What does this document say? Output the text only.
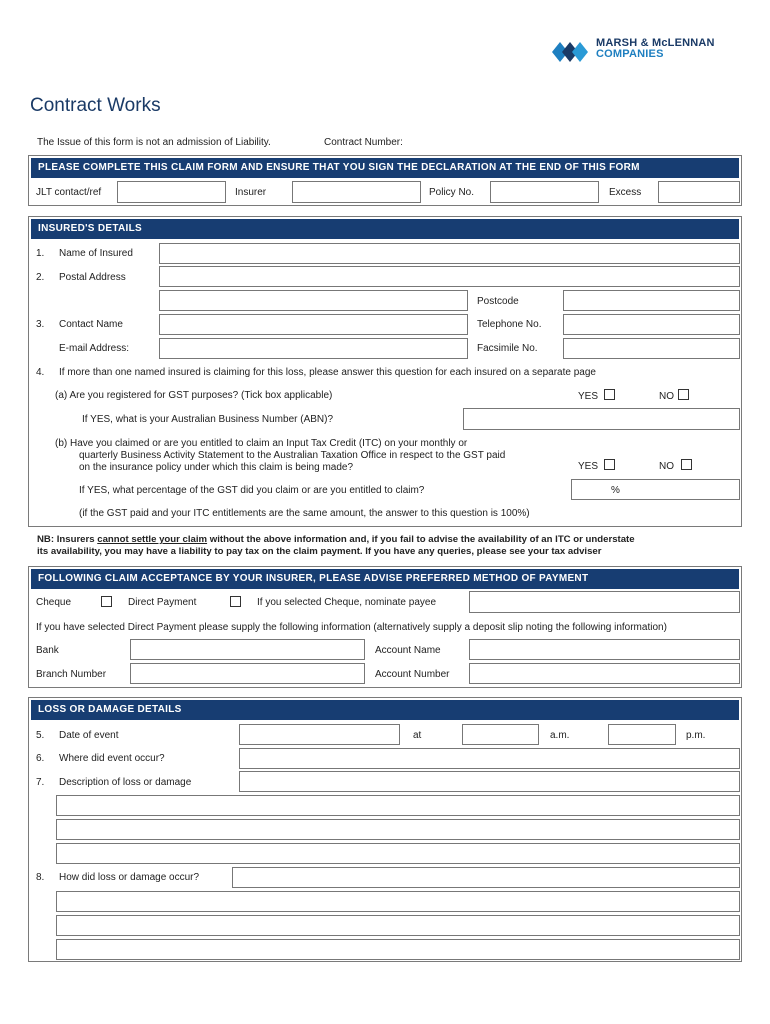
MARSH & McLENNAN
COMPANIES
Contract Works
The Issue of this form is not an admission of Liability.	Contract Number:
PLEASE COMPLETE THIS CLAIM FORM AND ENSURE THAT YOU SIGN THE DECLARATION AT THE END OF THIS FORM
JLT contact/ref	Insurer	Policy No.	Excess
INSURED'S DETAILS
1. Name of Insured
2. Postal Address
Postcode
3. Contact Name	Telephone No.
E-mail Address:	Facsimile No.
4. If more than one named insured is claiming for this loss, please answer this question for each insured on a separate page
(a) Are you registered for GST purposes? (Tick box applicable)	YES	NO
If YES, what is your Australian Business Number (ABN)?
(b) Have you claimed or are you entitled to claim an Input Tax Credit (ITC) on your monthly or
quarterly Business Activity Statement to the Australian Taxation Office in respect to the GST paid
on the insurance policy under which this claim is being made?	YES	NO
If YES, what percentage of the GST did you claim or are you entitled to claim?	%
(if the GST paid and your ITC entitlements are the same amount, the answer to this question is 100%)
NB: Insurers cannot settle your claim without the above information and, if you fail to advise the availability of an ITC or understate
its availability, you may have a liability to pay tax on the claim payment. If you have any queries, please see your tax adviser
FOLLOWING CLAIM ACCEPTANCE BY YOUR INSURER, PLEASE ADVISE PREFERRED METHOD OF PAYMENT
Cheque	Direct Payment	If you selected Cheque, nominate payee
If you have selected Direct Payment please supply the following information (alternatively supply a deposit slip noting the following information)
Bank	Account Name
Branch Number	Account Number
LOSS OR DAMAGE DETAILS
5. Date of event	at	a.m.	p.m.
6. Where did event occur?
7. Description of loss or damage
8. How did loss or damage occur?
